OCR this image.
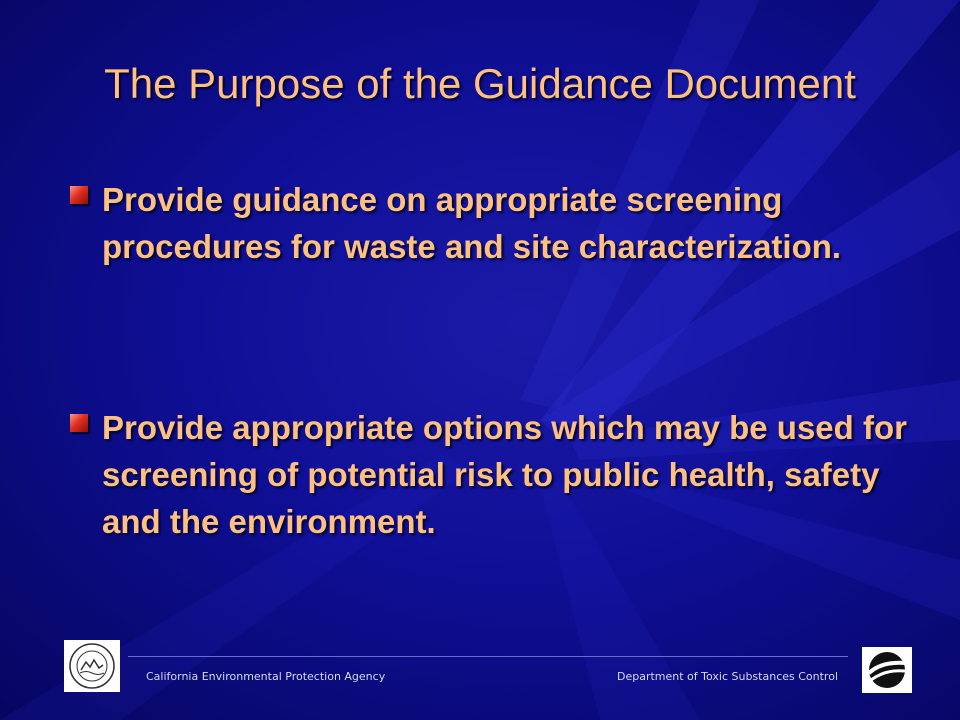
The Purpose of the Guidance Document
Provide guidance on appropriate screening procedures for waste and site characterization.
Provide appropriate options which may be used for screening of potential risk to public health, safety and the environment.
California Environmental Protection Agency	Department of Toxic Substances Control
